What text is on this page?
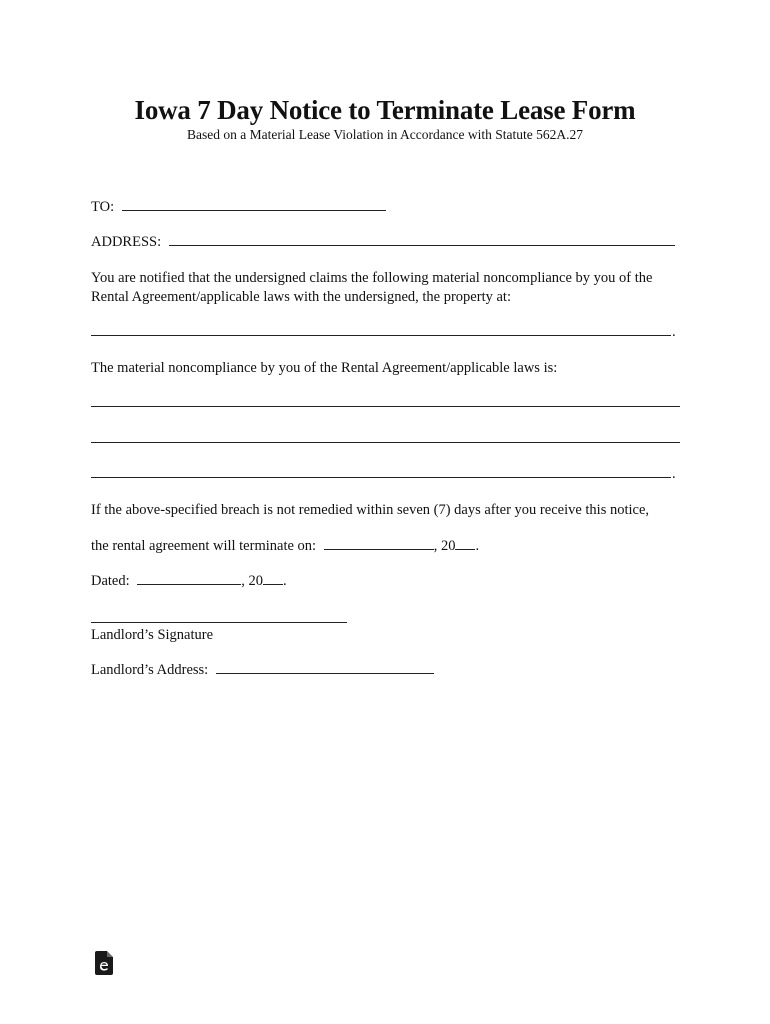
Iowa 7 Day Notice to Terminate Lease Form
Based on a Material Lease Violation in Accordance with Statute 562A.27
TO:
ADDRESS:
You are notified that the undersigned claims the following material noncompliance by you of the
Rental Agreement/applicable laws with the undersigned, the property at:
.
The material noncompliance by you of the Rental Agreement/applicable laws is:
.
If the above-specified breach is not remedied within seven (7) days after you receive this notice,
the rental agreement will terminate on:	, 20 .
Dated:	, 20 .
Landlord’s Signature
Landlord’s Address:
